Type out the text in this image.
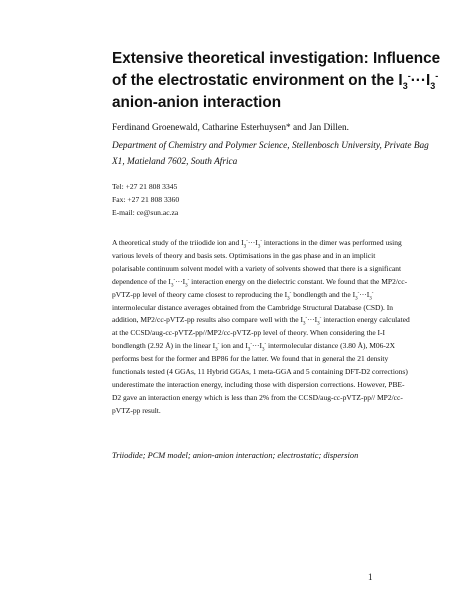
Extensive theoretical investigation: Influence
of the electrostatic environment on the $I_3^-\cdot\cdot\cdot I_3^-$
anion-anion interaction
Ferdinand Groenewald, Catharine Esterhuysen* and Jan Dillen.
Department of Chemistry and Polymer Science, Stellenbosch University, Private Bag X1, Matieland 7602, South Africa
Tel: +27 21 808 3345
Fax: +27 21 808 3360
E-mail: ce@sun.ac.za
A theoretical study of the triiodide ion and $I_3^-\cdot\cdot\cdot I_3^-$ interactions in the dimer was performed using
various levels of theory and basis sets. Optimisations in the gas phase and in an implicit
polarisable continuum solvent model with a variety of solvents showed that there is a significant
dependence of the $I_3^-\cdot\cdot\cdot I_3^-$ interaction energy on the dielectric constant. We found that the MP2/cc-
pVTZ-pp level of theory came closest to reproducing the $I_3^-$ bondlength and the $I_3^-\cdot\cdot\cdot I_3^-$
intermolecular distance averages obtained from the Cambridge Structural Database (CSD). In
addition, MP2/cc-pVTZ-pp results also compare well with the $I_3^-\cdot\cdot\cdot I_3^-$ interaction energy calculated
at the CCSD/aug-cc-pVTZ-pp//MP2/cc-pVTZ-pp level of theory. When considering the I-I
bondlength (2.92 Å) in the linear $I_3^-$ ion and $I_3^-\cdot\cdot\cdot I_3^-$ intermolecular distance (3.80 Å), M06-2X
performs best for the former and BP86 for the latter. We found that in general the 21 density
functionals tested (4 GGAs, 11 Hybrid GGAs, 1 meta-GGA and 5 containing DFT-D2 corrections)
underestimate the interaction energy, including those with dispersion corrections. However, PBE-
D2 gave an interaction energy which is less than 2% from the CCSD/aug-cc-pVTZ-pp// MP2/cc-
pVTZ-pp result.
Triiodide; PCM model; anion-anion interaction; electrostatic; dispersion
1
